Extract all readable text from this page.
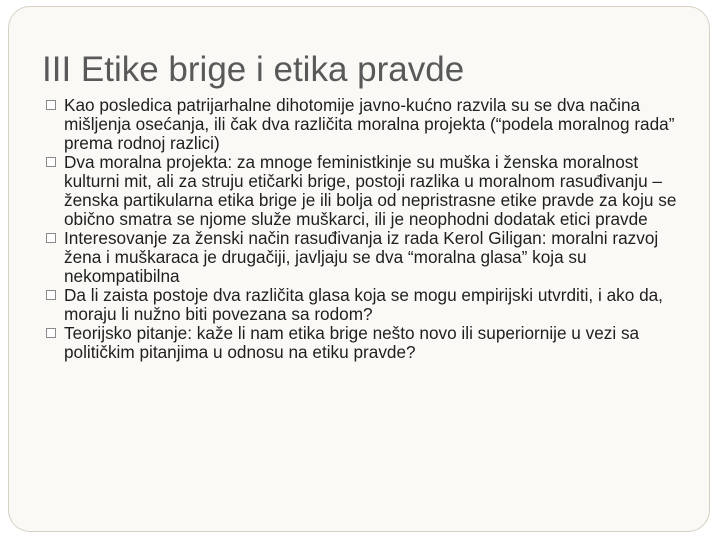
III Etike brige i etika pravde
Kao posledica patrijarhalne dihotomije javno-kućno razvila su se dva načina mišljenja osećanja, ili čak dva različita moralna projekta (“podela moralnog rada” prema rodnoj razlici)
Dva moralna projekta: za mnoge feministkinje su muška i ženska moralnost kulturni mit, ali za struju etičarki brige, postoji razlika u moralnom rasuđivanju – ženska partikularna etika brige je ili bolja od nepristrasne etike pravde za koju se obično smatra se njome služe muškarci, ili je neophodni dodatak etici pravde
Interesovanje za ženski način rasuđivanja iz rada Kerol Giligan: moralni razvoj žena i muškaraca je drugačiji, javljaju se dva “moralna glasa” koja su nekompatibilna
Da li zaista postoje dva različita glasa koja se mogu empirijski utvrditi, i ako da, moraju li nužno biti povezana sa rodom?
Teorijsko pitanje: kaže li nam etika brige nešto novo ili superiornije u vezi sa političkim pitanjima u odnosu na etiku pravde?
